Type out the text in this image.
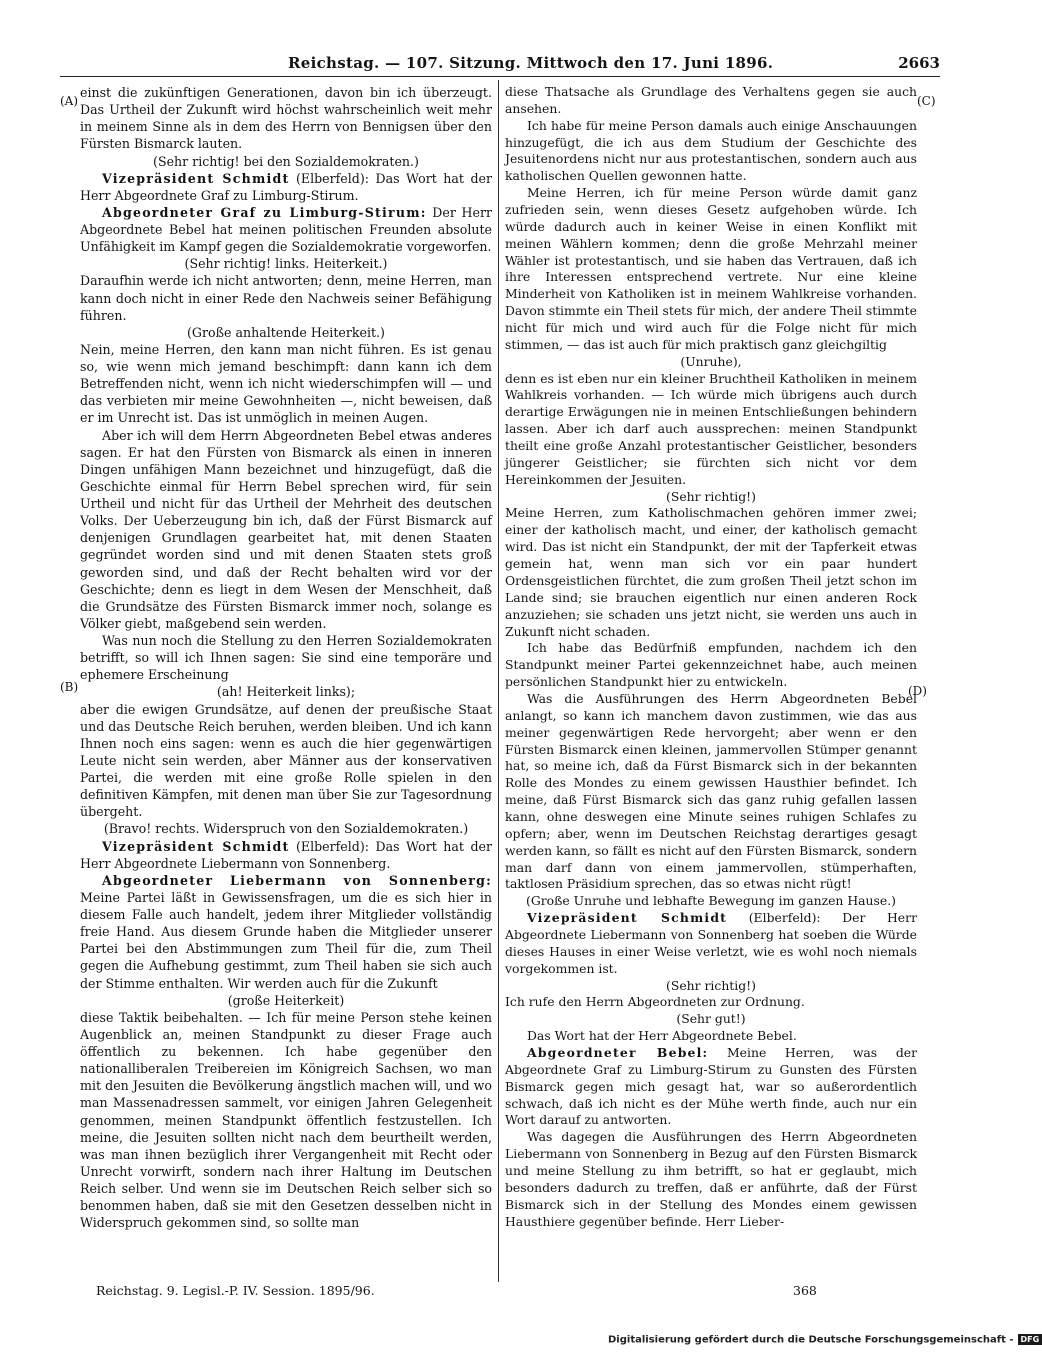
Reichstag. — 107. Sitzung. Mittwoch den 17. Juni 1896.	2663
(A)
(B)
(C)
(D)

einst die zukünftigen Generationen, davon bin ich überzeugt. Das Urtheil der Zukunft wird höchst wahrscheinlich weit mehr in meinem Sinne als in dem des Herrn von Bennigsen über den Fürsten Bismarck lauten.

(Sehr richtig! bei den Sozialdemokraten.)

Vizepräsident Schmidt (Elberfeld): Das Wort hat der Herr Abgeordnete Graf zu Limburg-Stirum.

Abgeordneter Graf zu Limburg-Stirum: Der Herr Abgeordnete Bebel hat meinen politischen Freunden absolute Unfähigkeit im Kampf gegen die Sozialdemokratie vorgeworfen.

(Sehr richtig! links. Heiterkeit.)

Daraufhin werde ich nicht antworten; denn, meine Herren, man kann doch nicht in einer Rede den Nachweis seiner Befähigung führen.

(Große anhaltende Heiterkeit.)

Nein, meine Herren, den kann man nicht führen. Es ist genau so, wie wenn mich jemand beschimpft: dann kann ich dem Betreffenden nicht, wenn ich nicht wiederschimpfen will — und das verbieten mir meine Gewohnheiten —, nicht beweisen, daß er im Unrecht ist. Das ist unmöglich in meinen Augen.

Aber ich will dem Herrn Abgeordneten Bebel etwas anderes sagen. Er hat den Fürsten von Bismarck als einen in inneren Dingen unfähigen Mann bezeichnet und hinzugefügt, daß die Geschichte einmal für Herrn Bebel sprechen wird, für sein Urtheil und nicht für das Urtheil der Mehrheit des deutschen Volks. Der Ueberzeugung bin ich, daß der Fürst Bismarck auf denjenigen Grundlagen gearbeitet hat, mit denen Staaten gegründet worden sind und mit denen Staaten stets groß geworden sind, und daß der Recht behalten wird vor der Geschichte; denn es liegt in dem Wesen der Menschheit, daß die Grundsätze des Fürsten Bismarck immer noch, solange es Völker giebt, maßgebend sein werden.

Was nun noch die Stellung zu den Herren Sozialdemokraten betrifft, so will ich Ihnen sagen: Sie sind eine temporäre und ephemere Erscheinung

(ah! Heiterkeit links);

aber die ewigen Grundsätze, auf denen der preußische Staat und das Deutsche Reich beruhen, werden bleiben. Und ich kann Ihnen noch eins sagen: wenn es auch die hier gegenwärtigen Leute nicht sein werden, aber Männer aus der konservativen Partei, die werden mit eine große Rolle spielen in den definitiven Kämpfen, mit denen man über Sie zur Tagesordnung übergeht.

(Bravo! rechts. Widerspruch von den Sozialdemokraten.)

Vizepräsident Schmidt (Elberfeld): Das Wort hat der Herr Abgeordnete Liebermann von Sonnenberg.

Abgeordneter Liebermann von Sonnenberg: Meine Partei läßt in Gewissensfragen, um die es sich hier in diesem Falle auch handelt, jedem ihrer Mitglieder vollständig freie Hand. Aus diesem Grunde haben die Mitglieder unserer Partei bei den Abstimmungen zum Theil für die, zum Theil gegen die Aufhebung gestimmt, zum Theil haben sie sich auch der Stimme enthalten. Wir werden auch für die Zukunft

(große Heiterkeit)

diese Taktik beibehalten. — Ich für meine Person stehe keinen Augenblick an, meinen Standpunkt zu dieser Frage auch öffentlich zu bekennen. Ich habe gegenüber den nationalliberalen Treibereien im Königreich Sachsen, wo man mit den Jesuiten die Bevölkerung ängstlich machen will, und wo man Massenadressen sammelt, vor einigen Jahren Gelegenheit genommen, meinen Standpunkt öffentlich festzustellen. Ich meine, die Jesuiten sollten nicht nach dem beurtheilt werden, was man ihnen bezüglich ihrer Vergangenheit mit Recht oder Unrecht vorwirft, sondern nach ihrer Haltung im Deutschen Reich selber. Und wenn sie im Deutschen Reich selber sich so benommen haben, daß sie mit den Gesetzen desselben nicht in Widerspruch gekommen sind, so sollte man

diese Thatsache als Grundlage des Verhaltens gegen sie auch ansehen.

Ich habe für meine Person damals auch einige Anschauungen hinzugefügt, die ich aus dem Studium der Geschichte des Jesuitenordens nicht nur aus protestantischen, sondern auch aus katholischen Quellen gewonnen hatte.

Meine Herren, ich für meine Person würde damit ganz zufrieden sein, wenn dieses Gesetz aufgehoben würde. Ich würde dadurch auch in keiner Weise in einen Konflikt mit meinen Wählern kommen; denn die große Mehrzahl meiner Wähler ist protestantisch, und sie haben das Vertrauen, daß ich ihre Interessen entsprechend vertrete. Nur eine kleine Minderheit von Katholiken ist in meinem Wahlkreise vorhanden. Davon stimmte ein Theil stets für mich, der andere Theil stimmte nicht für mich und wird auch für die Folge nicht für mich stimmen, — das ist auch für mich praktisch ganz gleichgiltig

(Unruhe),

denn es ist eben nur ein kleiner Bruchtheil Katholiken in meinem Wahlkreis vorhanden. — Ich würde mich übrigens auch durch derartige Erwägungen nie in meinen Entschließungen behindern lassen. Aber ich darf auch aussprechen: meinen Standpunkt theilt eine große Anzahl protestantischer Geistlicher, besonders jüngerer Geistlicher; sie fürchten sich nicht vor dem Hereinkommen der Jesuiten.

(Sehr richtig!)

Meine Herren, zum Katholischmachen gehören immer zwei; einer der katholisch macht, und einer, der katholisch gemacht wird. Das ist nicht ein Standpunkt, der mit der Tapferkeit etwas gemein hat, wenn man sich vor ein paar hundert Ordensgeistlichen fürchtet, die zum großen Theil jetzt schon im Lande sind; sie brauchen eigentlich nur einen anderen Rock anzuziehen; sie schaden uns jetzt nicht, sie werden uns auch in Zukunft nicht schaden.

Ich habe das Bedürfniß empfunden, nachdem ich den Standpunkt meiner Partei gekennzeichnet habe, auch meinen persönlichen Standpunkt hier zu entwickeln.

Was die Ausführungen des Herrn Abgeordneten Bebel anlangt, so kann ich manchem davon zustimmen, wie das aus meiner gegenwärtigen Rede hervorgeht; aber wenn er den Fürsten Bismarck einen kleinen, jammervollen Stümper genannt hat, so meine ich, daß da Fürst Bismarck sich in der bekannten Rolle des Mondes zu einem gewissen Hausthier befindet. Ich meine, daß Fürst Bismarck sich das ganz ruhig gefallen lassen kann, ohne deswegen eine Minute seines ruhigen Schlafes zu opfern; aber, wenn im Deutschen Reichstag derartiges gesagt werden kann, so fällt es nicht auf den Fürsten Bismarck, sondern man darf dann von einem jammervollen, stümperhaften, taktlosen Präsidium sprechen, das so etwas nicht rügt!

(Große Unruhe und lebhafte Bewegung im ganzen Hause.)

Vizepräsident Schmidt (Elberfeld): Der Herr Abgeordnete Liebermann von Sonnenberg hat soeben die Würde dieses Hauses in einer Weise verletzt, wie es wohl noch niemals vorgekommen ist.

(Sehr richtig!)

Ich rufe den Herrn Abgeordneten zur Ordnung.

(Sehr gut!)

Das Wort hat der Herr Abgeordnete Bebel.

Abgeordneter Bebel: Meine Herren, was der Abgeordnete Graf zu Limburg-Stirum zu Gunsten des Fürsten Bismarck gegen mich gesagt hat, war so außerordentlich schwach, daß ich nicht es der Mühe werth finde, auch nur ein Wort darauf zu antworten.

Was dagegen die Ausführungen des Herrn Abgeordneten Liebermann von Sonnenberg in Bezug auf den Fürsten Bismarck und meine Stellung zu ihm betrifft, so hat er geglaubt, mich besonders dadurch zu treffen, daß er anführte, daß der Fürst Bismarck sich in der Stellung des Mondes einem gewissen Hausthiere gegenüber befinde. Herr Lieber-

Reichstag. 9. Legisl.-P. IV. Session. 1895/96.	368
Digitalisierung gefördert durch die Deutsche Forschungsgemeinschaft - DFG
